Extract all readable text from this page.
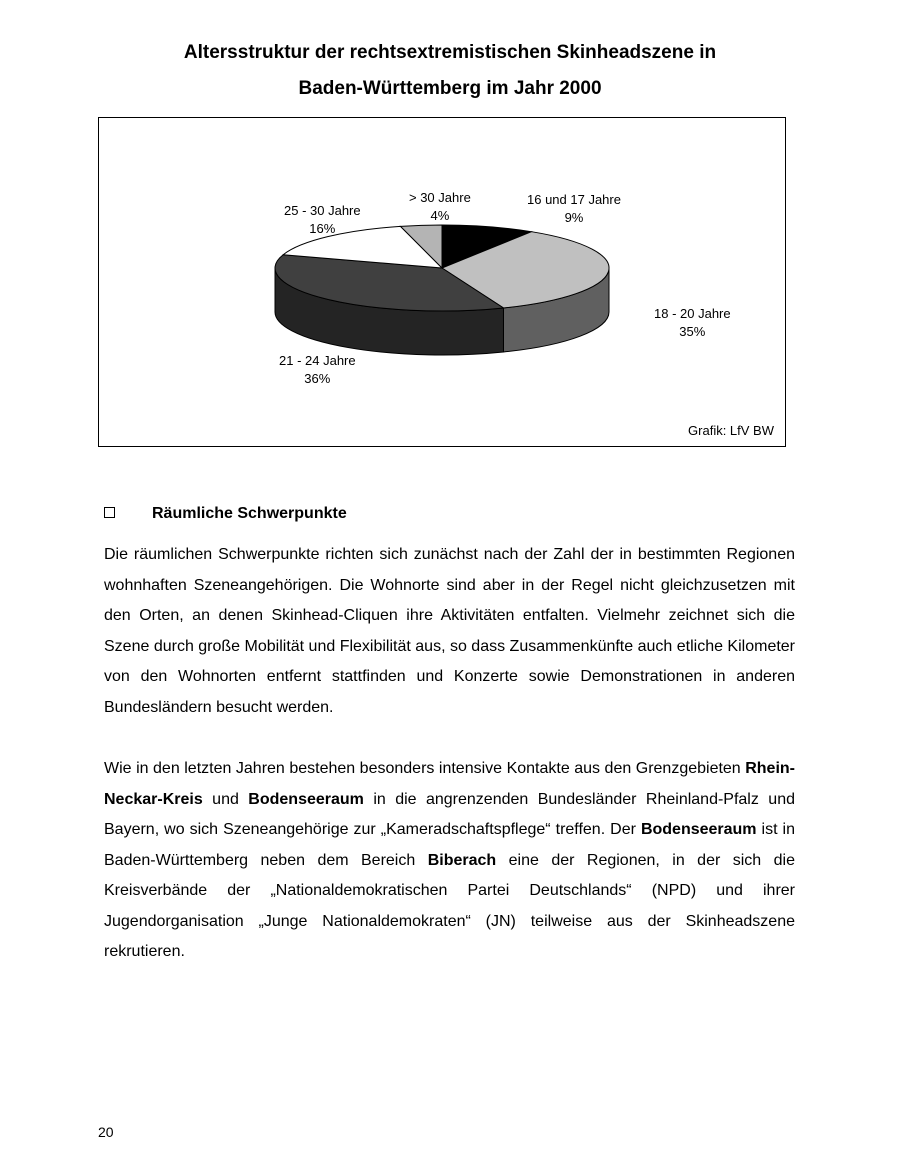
Altersstruktur der rechtsextremistischen Skinheadszene in
Baden-Württemberg im Jahr 2000
16 und 17 Jahre
9%
18 - 20 Jahre
35%
21 - 24 Jahre
36%
25 - 30 Jahre
16%
> 30 Jahre
4%
Grafik: LfV BW
Räumliche Schwerpunkte

Die räumlichen Schwerpunkte richten sich zunächst nach der Zahl der in bestimmten Regionen wohnhaften Szeneangehörigen. Die Wohnorte sind aber in der Regel nicht gleichzusetzen mit den Orten, an denen Skinhead-Cliquen ihre Aktivitäten entfalten. Vielmehr zeichnet sich die Szene durch große Mobilität und Flexibilität aus, so dass Zusammenkünfte auch etliche Kilometer von den Wohnorten entfernt stattfinden und Konzerte sowie Demonstrationen in anderen Bundesländern besucht werden.

Wie in den letzten Jahren bestehen besonders intensive Kontakte aus den Grenzgebieten Rhein-Neckar-Kreis und Bodenseeraum in die angrenzenden Bundesländer Rheinland-Pfalz und Bayern, wo sich Szeneangehörige zur „Kameradschaftspflege“ treffen. Der Bodenseeraum ist in Baden-Württemberg neben dem Bereich Biberach eine der Regionen, in der sich die Kreisverbände der „Nationaldemokratischen Partei Deutschlands“ (NPD) und ihrer Jugendorganisation „Junge Nationaldemokraten“ (JN) teilweise aus der Skinheadszene rekrutieren.

20
